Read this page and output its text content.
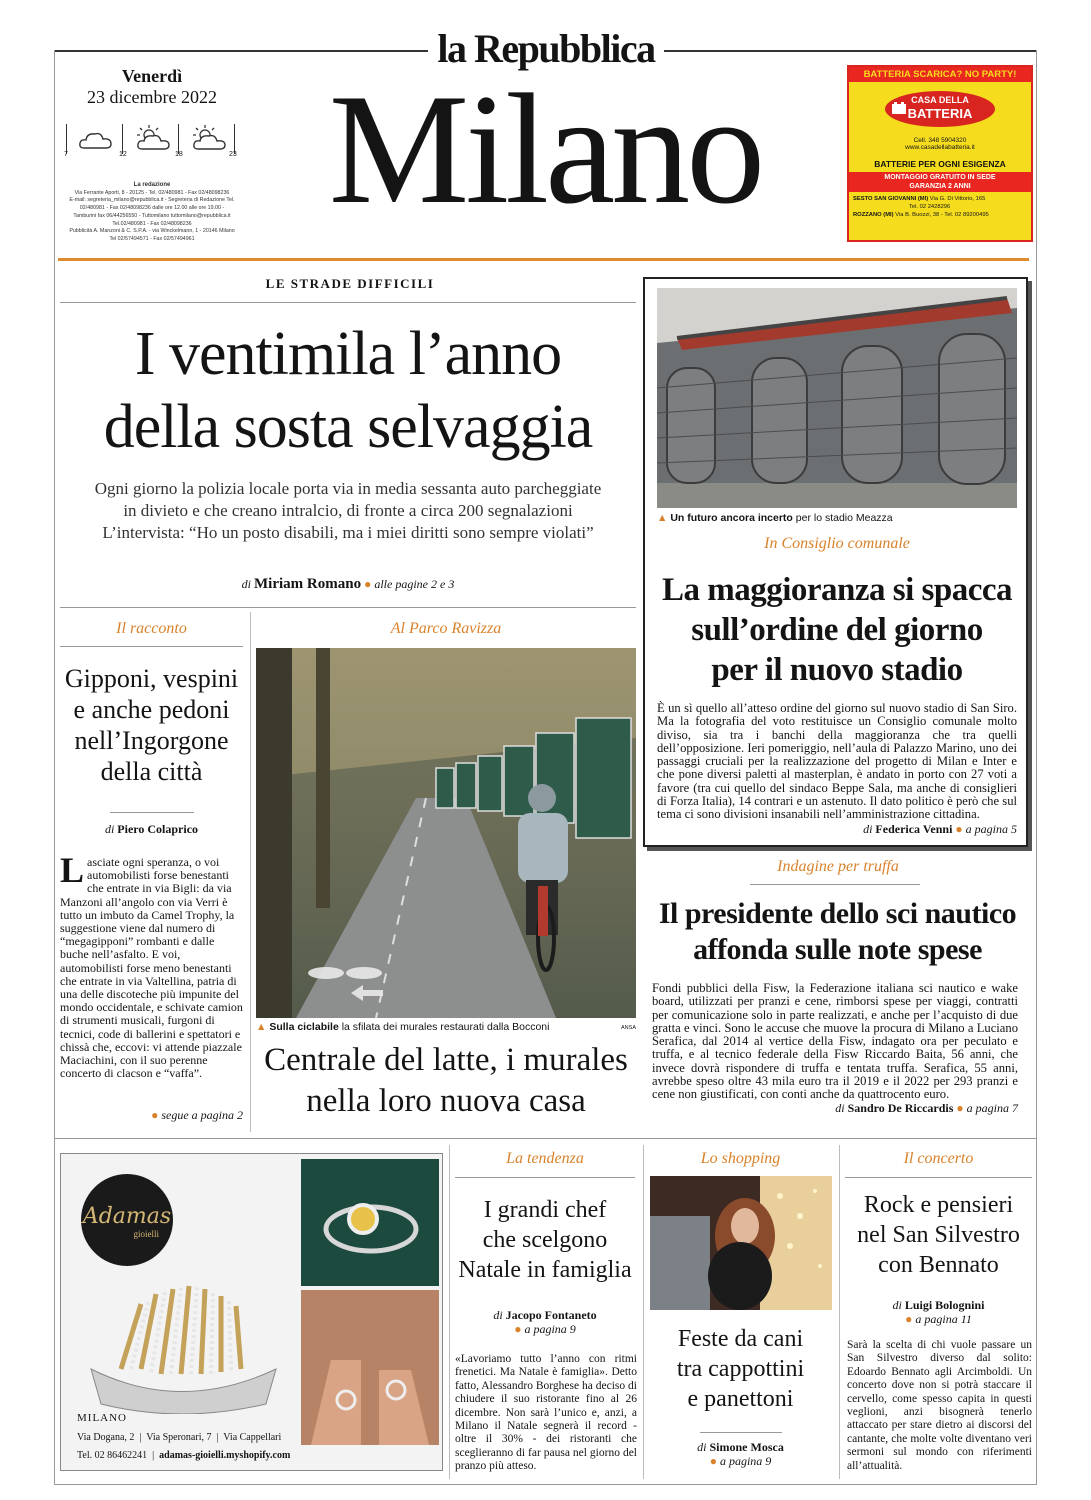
la Repubblica
Milano
Venerdì
23 dicembre 2022
7	12	18	23
La redazione
Via Ferrante Aporti, 8 - 20125 - Tel. 02/480981 - Fax 02/48098236
E-mail: segreteria_milano@repubblica.it - Segreteria di Redazione Tel.
02/480981 - Fax 02/48098236 dalle ore 12.00 alle ore 19.00 -
Tamburini fax 06/44256550 - Tuttomilano tuttomilano@repubblica.it
Tel.02/480981 - Fax 02/48098236
Pubblicità A. Manzoni & C. S.P.A. - via Winckelmann, 1 - 20146 Milano
Tel 02/57494571 - Fax 02/57494961
BATTERIA SCARICA? NO PARTY!
CASA DELLA
BATTERIA
Cell. 348 5904320
www.casadellabatteria.it
BATTERIE PER OGNI ESIGENZA
MONTAGGIO GRATUITO IN SEDE
GARANZIA 2 ANNI
SESTO SAN GIOVANNI (MI) Via G. Di Vittorio, 165
Tel. 02 2428296
ROZZANO (MI) Via B. Buozzi, 38 - Tel. 02 89200495
LE STRADE DIFFICILI
I ventimila l’anno
della sosta selvaggia
Ogni giorno la polizia locale porta via in media sessanta auto parcheggiate
in divieto e che creano intralcio, di fronte a circa 200 segnalazioni
L’intervista: “Ho un posto disabili, ma i miei diritti sono sempre violati”
di Miriam Romano ● alle pagine 2 e 3
Il racconto
Gipponi, vespini
e anche pedoni
nell’Ingorgone
della città
di Piero Colaprico
Lasciate ogni speranza, o voi automobilisti forse benestanti che entrate in via Bigli: da via Manzoni all’angolo con via Verri è tutto un imbuto da Camel Trophy, la suggestione viene dal numero di “megagipponi” rombanti e dalle buche nell’asfalto. E voi, automobilisti forse meno benestanti che entrate in via Valtellina, patria di una delle discoteche più impunite del mondo occidentale, e schivate camion di strumenti musicali, furgoni di tecnici, code di ballerini e spettatori e chissà che, eccovi: vi attende piazzale Maciachini, con il suo perenne concerto di clacson e “vaffa”.
● segue a pagina 2
Al Parco Ravizza
▲ Sulla ciclabile la sfilata dei murales restaurati dalla Bocconi	ANSA
Centrale del latte, i murales
nella loro nuova casa
▲ Un futuro ancora incerto per lo stadio Meazza
In Consiglio comunale
La maggioranza si spacca
sull’ordine del giorno
per il nuovo stadio
È un sì quello all’atteso ordine del giorno sul nuovo stadio di San Siro. Ma la fotografia del voto restituisce un Consiglio comunale molto diviso, sia tra i banchi della maggioranza che tra quelli dell’opposizione. Ieri pomeriggio, nell’aula di Palazzo Marino, uno dei passaggi cruciali per la realizzazione del progetto di Milan e Inter e che pone diversi paletti al masterplan, è andato in porto con 27 voti a favore (tra cui quello del sindaco Beppe Sala, ma anche di consiglieri di Forza Italia), 14 contrari e un astenuto. Il dato politico è però che sul tema ci sono divisioni insanabili nell’amministrazione cittadina.
di Federica Venni ● a pagina 5
Indagine per truffa
Il presidente dello sci nautico
affonda sulle note spese
Fondi pubblici della Fisw, la Federazione italiana sci nautico e wake board, utilizzati per pranzi e cene, rimborsi spese per viaggi, contratti per comunicazione solo in parte realizzati, e anche per l’acquisto di due gratta e vinci. Sono le accuse che muove la procura di Milano a Luciano Serafica, dal 2014 al vertice della Fisw, indagato ora per peculato e truffa, e al tecnico federale della Fisw Riccardo Baita, 56 anni, che invece dovrà rispondere di truffa e tentata truffa. Serafica, 55 anni, avrebbe speso oltre 43 mila euro tra il 2019 e il 2022 per 293 pranzi e cene non giustificati, con conti anche da quattrocento euro.
di Sandro De Riccardis ● a pagina 7
Adamas
gioielli
MILANO
Via Dogana, 2  |  Via Speronari, 7  |  Via Cappellari
Tel. 02 86462241  |  adamas-gioielli.myshopify.com
La tendenza
I grandi chef
che scelgono
Natale in famiglia
di Jacopo Fontaneto
● a pagina 9
«Lavoriamo tutto l’anno con ritmi frenetici. Ma Natale è famiglia». Detto fatto, Alessandro Borghese ha deciso di chiudere il suo ristorante fino al 26 dicembre. Non sarà l’unico e, anzi, a Milano il Natale segnerà il record - oltre il 30% - dei ristoranti che sceglieranno di far pausa nel giorno del pranzo più atteso.
Lo shopping
Feste da cani
tra cappottini
e panettoni
di Simone Mosca
● a pagina 9
Il concerto
Rock e pensieri
nel San Silvestro
con Bennato
di Luigi Bolognini
● a pagina 11
Sarà la scelta di chi vuole passare un San Silvestro diverso dal solito: Edoardo Bennato agli Arcimboldi. Un concerto dove non si potrà staccare il cervello, come spesso capita in questi veglioni, anzi bisognerà tenerlo attaccato per stare dietro ai discorsi del cantante, che molte volte diventano veri sermoni sul mondo con riferimenti all’attualità.
